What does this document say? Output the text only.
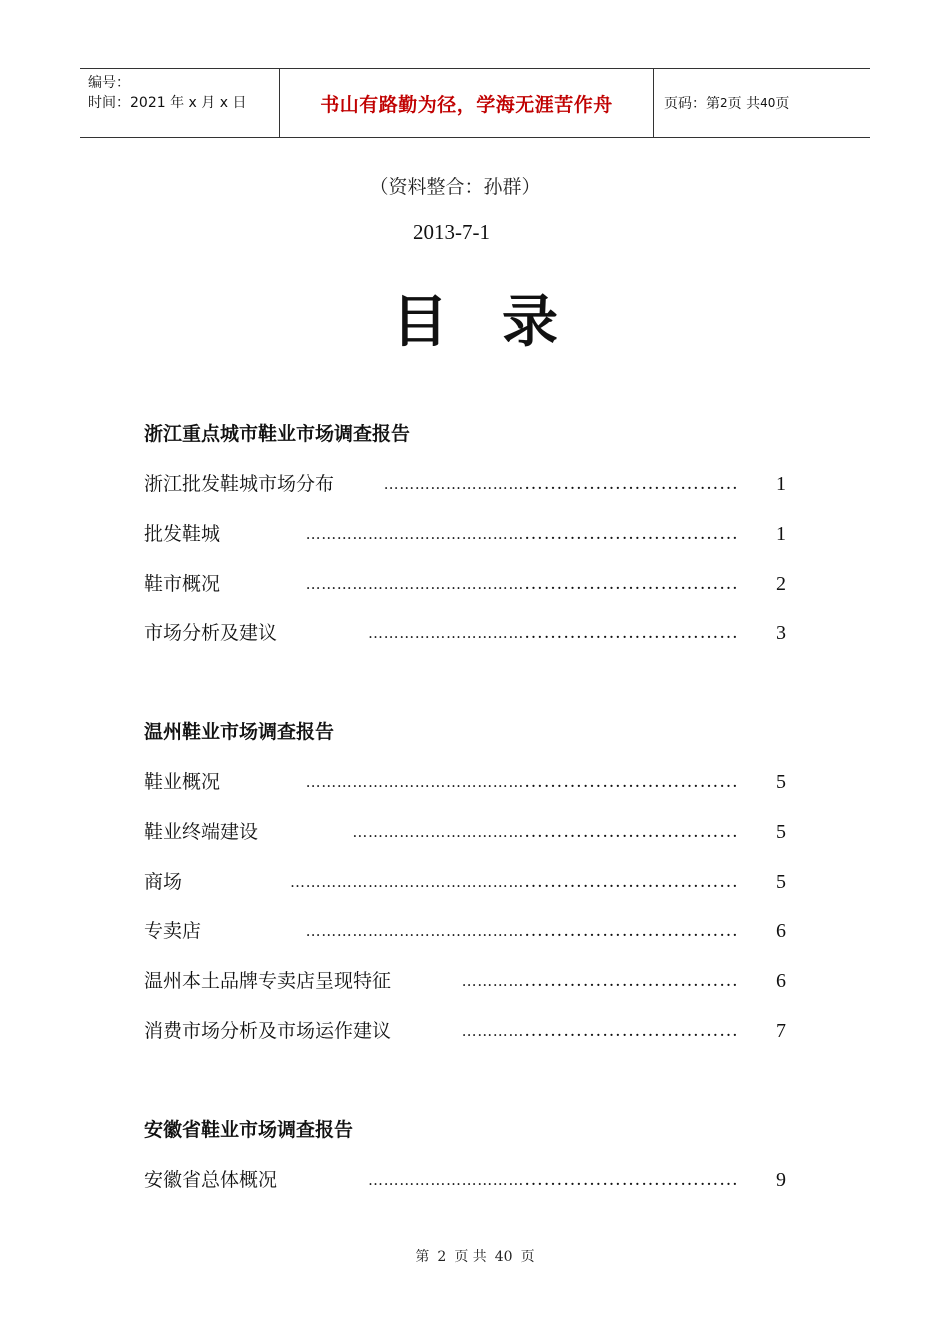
编号：
时间：2021 年 x 月 x 日	书山有路勤为径，学海无涯苦作舟	页码：第 2 页 共 40 页
（资料整合：孙群）
2013-7-1
目 录
浙江重点城市鞋业市场调查报告
浙江批发鞋城市场分布	……………………… ……………………………	1
批发鞋城	…………………………………… ……………………………	1
鞋市概况	…………………………………… ……………………………	2
市场分析及建议	………………………… ……………………………	3
温州鞋业市场调查报告
鞋业概况	…………………………………… ……………………………	5
鞋业终端建设	…………………………… ……………………………	5
商场	……………………………………… ……………………………	5
专卖店	…………………………………… ……………………………	6
温州本土品牌专卖店呈现特征	………… ……………………………	6
消费市场分析及市场运作建议	………… ……………………………	7
安徽省鞋业市场调查报告
安徽省总体概况	………………………… ……………………………	9
第 2 页 共 40 页
